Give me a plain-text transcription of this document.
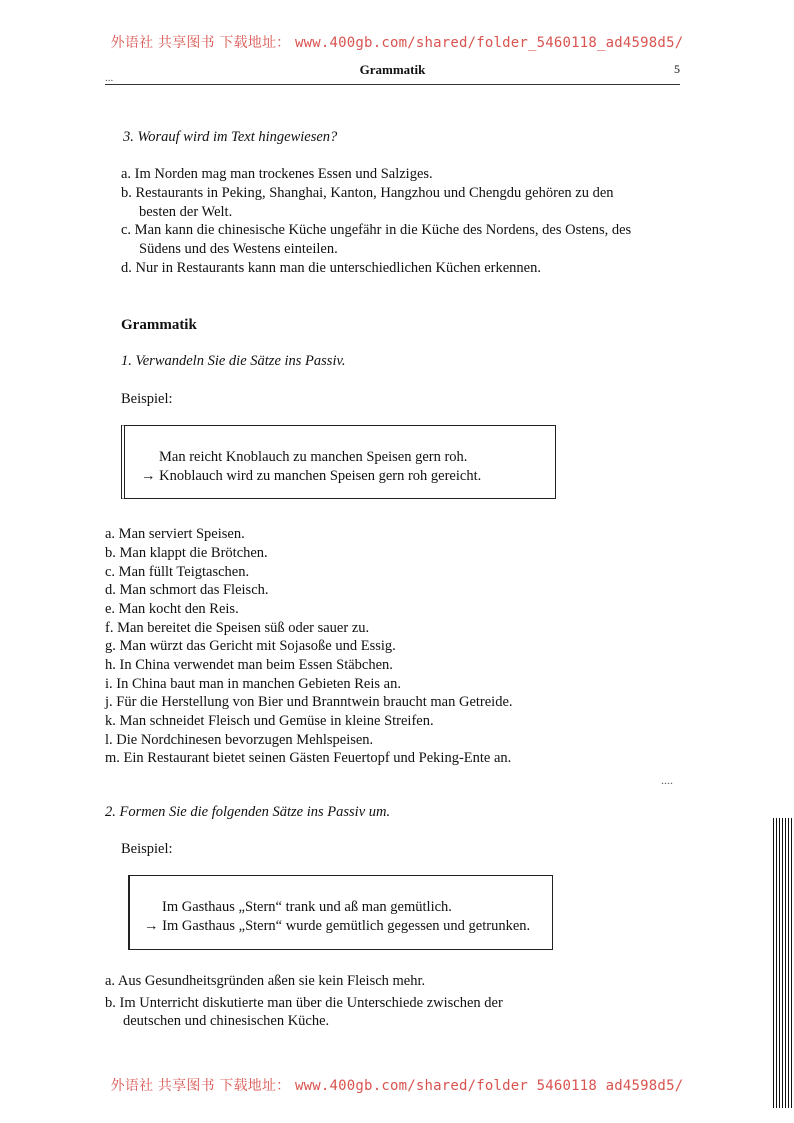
外语社 共享图书 下载地址： www.400gb.com/shared/folder_5460118_ad4598d5/
...
Grammatik	5
3. Worauf wird im Text hingewiesen?
a. Im Norden mag man trockenes Essen und Salziges.
b. Restaurants in Peking, Shanghai, Kanton, Hangzhou und Chengdu gehören zu den
besten der Welt.
c. Man kann die chinesische Küche ungefähr in die Küche des Nordens, des Ostens, des
Südens und des Westens einteilen.
d. Nur in Restaurants kann man die unterschiedlichen Küchen erkennen.
Grammatik
1. Verwandeln Sie die Sätze ins Passiv.
Beispiel:
Man reicht Knoblauch zu manchen Speisen gern roh.
→ Knoblauch wird zu manchen Speisen gern roh gereicht.
a. Man serviert Speisen.
b. Man klappt die Brötchen.
c. Man füllt Teigtaschen.
d. Man schmort das Fleisch.
e. Man kocht den Reis.
f. Man bereitet die Speisen süß oder sauer zu.
g. Man würzt das Gericht mit Sojasoße und Essig.
h. In China verwendet man beim Essen Stäbchen.
i. In China baut man in manchen Gebieten Reis an.
j. Für die Herstellung von Bier und Branntwein braucht man Getreide.
k. Man schneidet Fleisch und Gemüse in kleine Streifen.
l. Die Nordchinesen bevorzugen Mehlspeisen.
m. Ein Restaurant bietet seinen Gästen Feuertopf und Peking-Ente an.
....
2. Formen Sie die folgenden Sätze ins Passiv um.
Beispiel:
Im Gasthaus „Stern“ trank und aß man gemütlich.
→ Im Gasthaus „Stern“ wurde gemütlich gegessen und getrunken.
a. Aus Gesundheitsgründen aßen sie kein Fleisch mehr.
b. Im Unterricht diskutierte man über die Unterschiede zwischen der
deutschen und chinesischen Küche.
外语社 共享图书 下载地址： www.400gb.com/shared/folder 5460118 ad4598d5/
